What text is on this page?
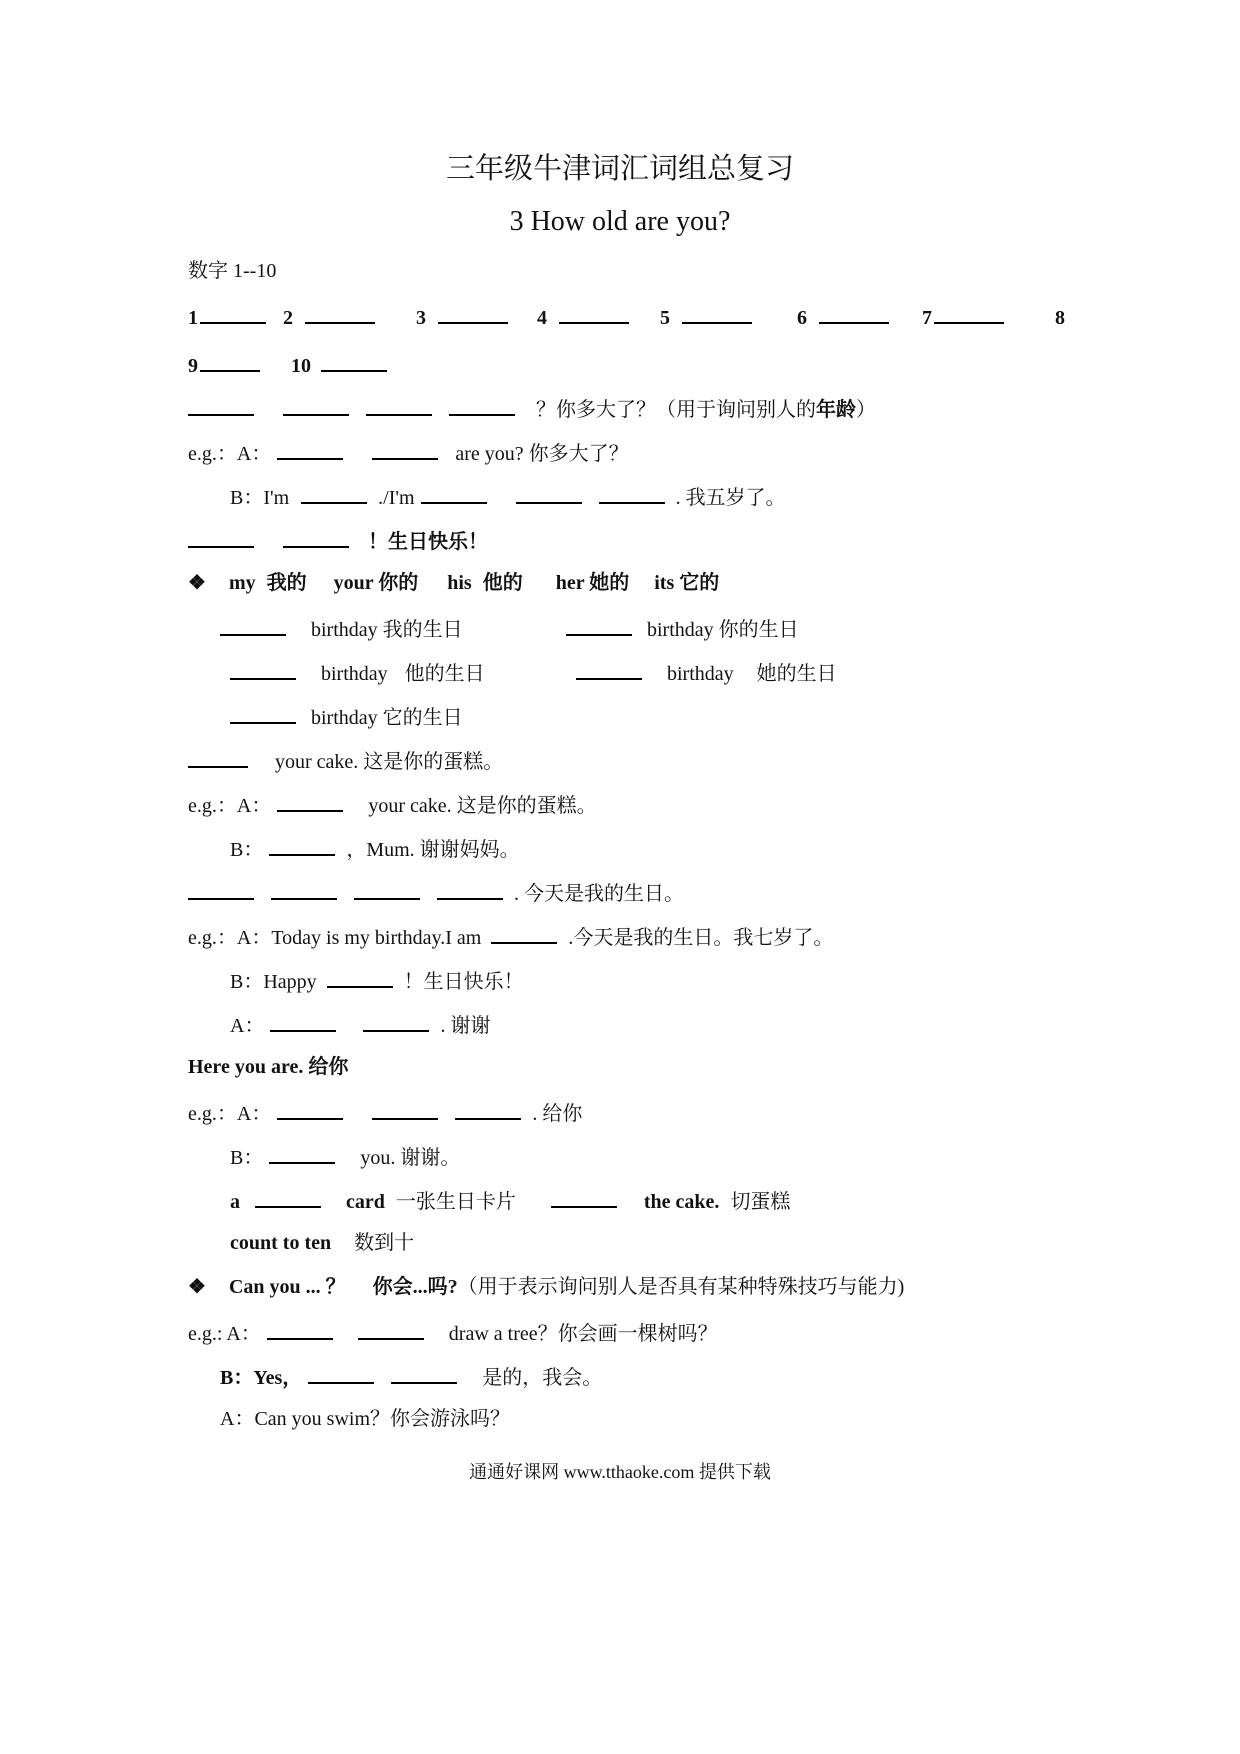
三年级牛津词汇词组总复习
3 How old are you?
数字 1--10
1	2	3	4	5	6	7	8
9	10
？你多大了？（用于询问别人的年龄）
e.g.：A：	are you? 你多大了？
B：I'm	./I'm	. 我五岁了。
！生日快乐！
❖ my 我的 your 你的 his 他的 her 她的 its 它的
birthday 我的生日	birthday 你的生日
birthday 他的生日	birthday 她的生日
birthday 它的生日
your cake. 这是你的蛋糕。
e.g.：A：	your cake. 这是你的蛋糕。
B：	，Mum. 谢谢妈妈。
. 今天是我的生日。
e.g.：A：Today is my birthday.I am	.今天是我的生日。我七岁了。
B：Happy	！生日快乐！
A：	. 谢谢
Here you are. 给你
e.g.：A：	. 给你
B：	you. 谢谢。
a	card 一张生日卡片	the cake. 切蛋糕
count to ten 数到十
❖ Can you ... ？ 你会...吗?（用于表示询问别人是否具有某种特殊技巧与能力)
e.g.: A：	draw a tree？你会画一棵树吗？
B：Yes，	是的，我会。
A：Can you swim？你会游泳吗？
通通好课网 www.tthaoke.com 提供下载
